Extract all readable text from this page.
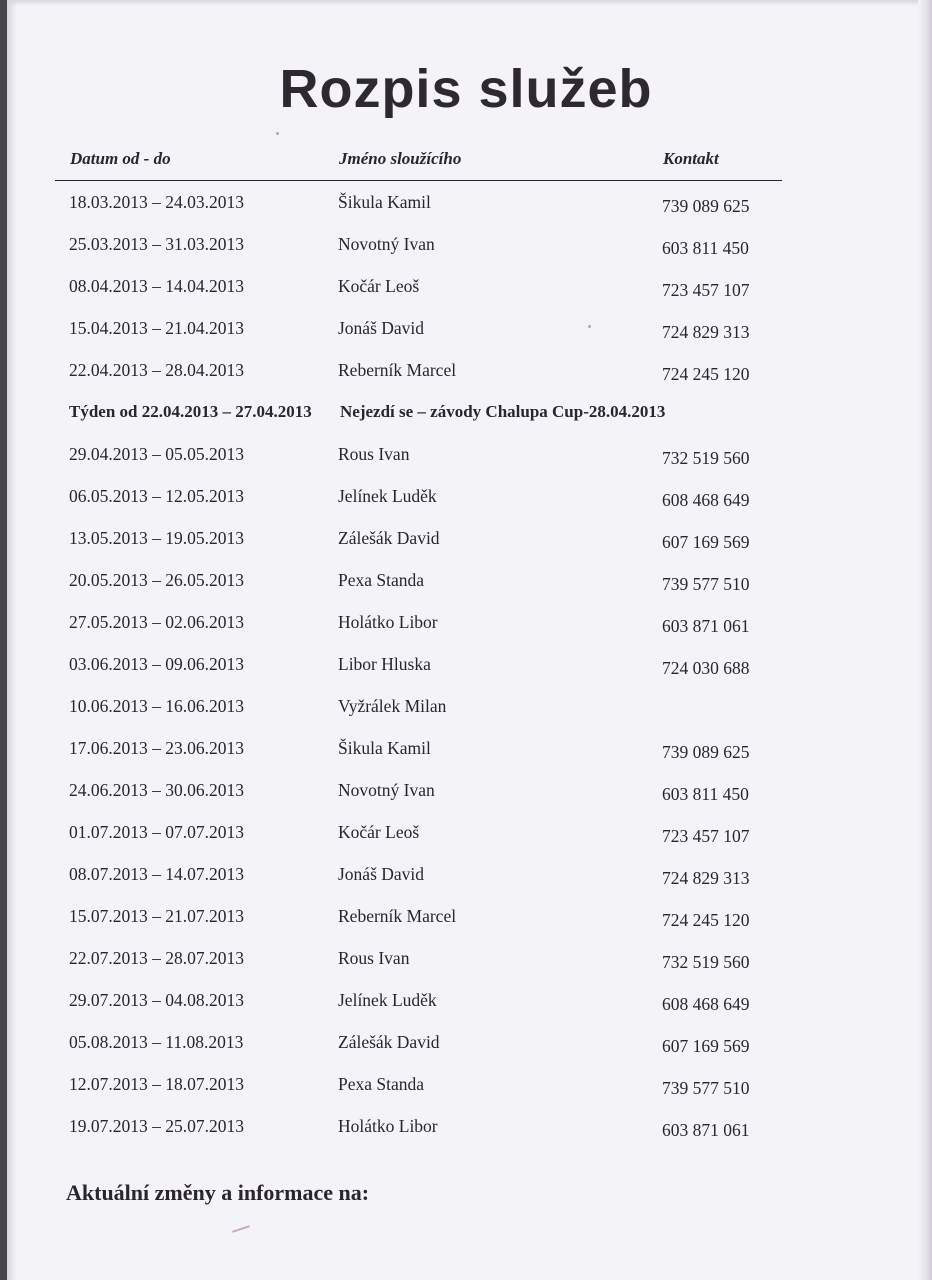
Rozpis služeb
Datum od - do	Jméno sloužícího	Kontakt
18.03.2013 – 24.03.2013	Šikula Kamil	739 089 625
25.03.2013 – 31.03.2013	Novotný Ivan	603 811 450
08.04.2013 – 14.04.2013	Kočár Leoš	723 457 107
15.04.2013 – 21.04.2013	Jonáš David	724 829 313
22.04.2013 – 28.04.2013	Reberník Marcel	724 245 120
Týden od 22.04.2013 – 27.04.2013 Nejezdí se – závody Chalupa Cup-28.04.2013
29.04.2013 – 05.05.2013	Rous Ivan	732 519 560
06.05.2013 – 12.05.2013	Jelínek Luděk	608 468 649
13.05.2013 – 19.05.2013	Zálešák David	607 169 569
20.05.2013 – 26.05.2013	Pexa Standa	739 577 510
27.05.2013 – 02.06.2013	Holátko Libor	603 871 061
03.06.2013 – 09.06.2013	Libor Hluska	724 030 688
10.06.2013 – 16.06.2013	Vyžrálek Milan
17.06.2013 – 23.06.2013	Šikula Kamil	739 089 625
24.06.2013 – 30.06.2013	Novotný Ivan	603 811 450
01.07.2013 – 07.07.2013	Kočár Leoš	723 457 107
08.07.2013 – 14.07.2013	Jonáš David	724 829 313
15.07.2013 – 21.07.2013	Reberník Marcel	724 245 120
22.07.2013 – 28.07.2013	Rous Ivan	732 519 560
29.07.2013 – 04.08.2013	Jelínek Luděk	608 468 649
05.08.2013 – 11.08.2013	Zálešák David	607 169 569
12.07.2013 – 18.07.2013	Pexa Standa	739 577 510
19.07.2013 – 25.07.2013	Holátko Libor	603 871 061
Aktuální změny a informace na:
